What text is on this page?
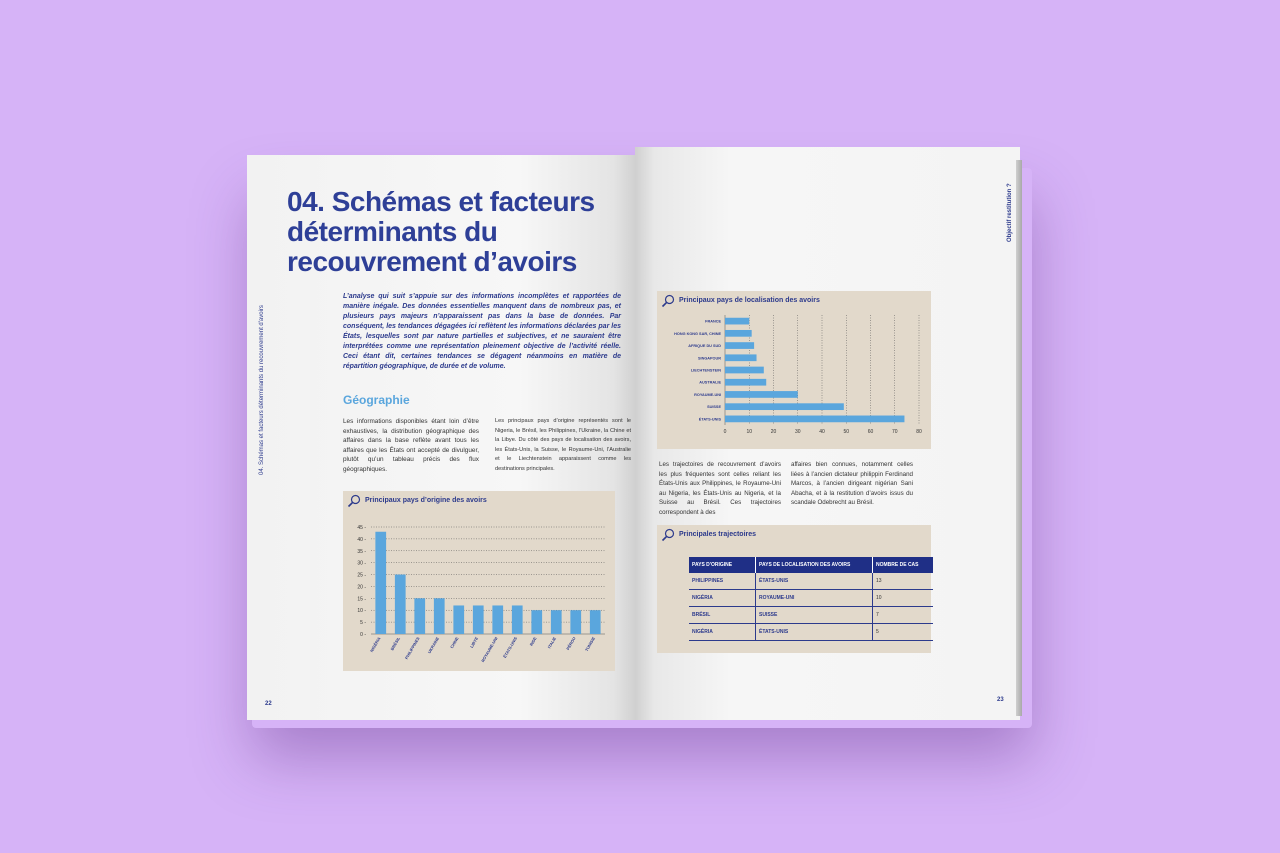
04. Schémas et facteurs déterminants du recouvrement d'avoirs
04. Schémas et facteurs déterminants du recouvrement d’avoirs
L’analyse qui suit s’appuie sur des informations incomplètes et rapportées de manière inégale. Des données essentielles manquent dans de nombreux pas, et plusieurs pays majeurs n’apparaissent pas dans la base de données. Par conséquent, les tendances dégagées ici reflètent les informations déclarées par les États, lesquelles sont par nature partielles et subjectives, et ne sauraient être interprétées comme une représentation pleinement objective de l’activité réelle. Ceci étant dit, certaines tendances se dégagent néanmoins en matière de répartition géographique, de durée et de volume.
Géographie
Les informations disponibles étant loin d’être exhaustives, la distribution géographique des affaires dans la base reflète avant tous les affaires que les États ont accepté de divulguer, plutôt qu’un tableau précis des flux géographiques.
Les principaux pays d’origine représentés sont le Nigeria, le Brésil, les Philippines, l’Ukraine, la Chine et la Libye. Du côté des pays de localisation des avoirs, les États-Unis, la Suisse, le Royaume-Uni, l’Australie et le Liechtenstein apparaissent comme les destinations principales.
Principaux pays d’origine des avoirs
0 -
5 -
10 -
15 -
20 -
25 -
30 -
35 -
40 -
45 -
NIGÉRIA BRÉSIL PHILIPPINES UKRAINE CHINE LIBYE ROYAUME-UNI ÉTATS-UNIS	INDE ITALIE PÉROU TUNISIE
22
Objectif restitution ?
Principaux pays de localisation des avoirs
0	10	20	30	40	50	60	70	80
FRANCE
HONG KONG SAR, CHINE
AFRIQUE DU SUD
SINGAPOUR
LIECHTENSTEIN
AUSTRALIE
ROYAUME-UNI
SUISSE
ÉTATS-UNIS
Les trajectoires de recouvrement d’avoirs les plus fréquentes sont celles reliant les États-Unis aux Philippines, le Royaume-Uni au Nigeria, les États-Unis au Nigeria, et la Suisse au Brésil. Ces trajectoires correspondent à des
affaires bien connues, notamment celles liées à l’ancien dictateur philippin Ferdinand Marcos, à l’ancien dirigeant nigérian Sani Abacha, et à la restitution d’avoirs issus du scandale Odebrecht au Brésil.
Principales trajectoires
PAYS D'ORIGINE	PAYS DE LOCALISATION DES AVOIRS	NOMBRE DE CAS
PHILIPPINES	ÉTATS-UNIS	13
NIGÉRIA	ROYAUME-UNI	10
BRÉSIL	SUISSE	7
NIGÉRIA	ÉTATS-UNIS	5
23
